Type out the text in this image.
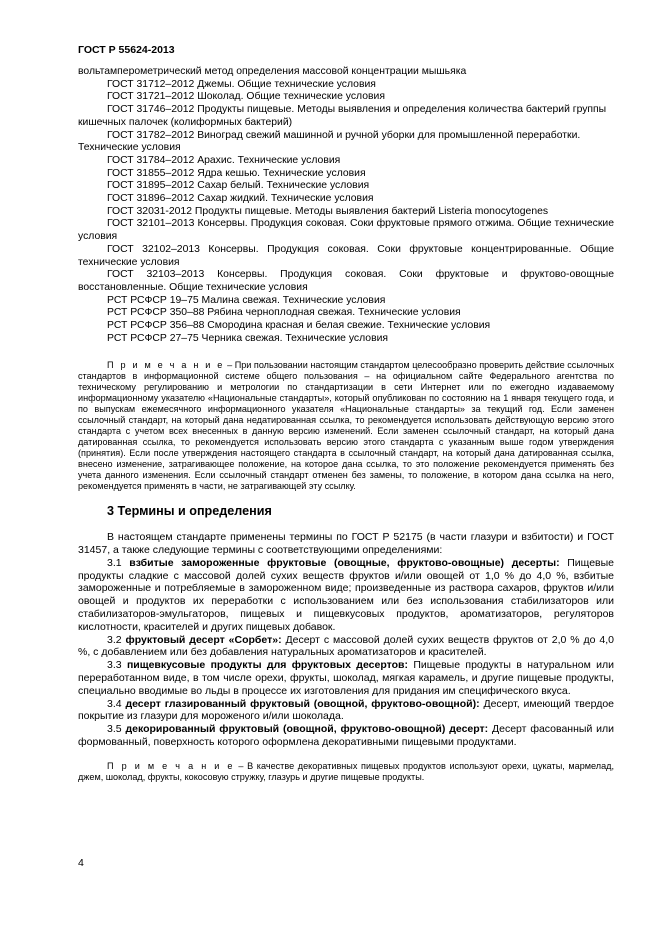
ГОСТ Р 55624-2013

вольтамперометрический метод определения массовой концентрации мышьяка

ГОСТ 31712–2012 Джемы. Общие технические условия

ГОСТ 31721–2012 Шоколад. Общие технические условия

ГОСТ 31746–2012 Продукты пищевые. Методы выявления и определения количества бактерий группы кишечных палочек (колиформных бактерий)

ГОСТ 31782–2012 Виноград свежий машинной и ручной уборки для промышленной переработки. Технические условия

ГОСТ 31784–2012 Арахис. Технические условия

ГОСТ 31855–2012 Ядра кешью. Технические условия

ГОСТ 31895–2012 Сахар белый. Технические условия

ГОСТ 31896–2012 Сахар жидкий. Технические условия

ГОСТ 32031-2012 Продукты пищевые. Методы выявления бактерий Listeria monocytogenes

ГОСТ 32101–2013 Консервы. Продукция соковая. Соки фруктовые прямого отжима. Общие технические условия

ГОСТ 32102–2013 Консервы. Продукция соковая. Соки фруктовые концентрированные. Общие технические условия

ГОСТ 32103–2013 Консервы. Продукция соковая. Соки фруктовые и фруктово-овощные восстановленные. Общие технические условия

РСТ РСФСР 19–75 Малина свежая. Технические условия

РСТ РСФСР 350–88 Рябина черноплодная свежая. Технические условия

РСТ РСФСР 356–88 Смородина красная и белая свежие. Технические условия

РСТ РСФСР 27–75 Черника свежая. Технические условия

П р и м е ч а н и е – При пользовании настоящим стандартом целесообразно проверить действие ссылочных стандартов в информационной системе общего пользования – на официальном сайте Федерального агентства по техническому регулированию и метрологии по стандартизации в сети Интернет или по ежегодно издаваемому информационному указателю «Национальные стандарты», который опубликован по состоянию на 1 января текущего года, и по выпускам ежемесячного информационного указателя «Национальные стандарты» за текущий год. Если заменен ссылочный стандарт, на который дана недатированная ссылка, то рекомендуется использовать действующую версию этого стандарта с учетом всех внесенных в данную версию изменений. Если заменен ссылочный стандарт, на который дана датированная ссылка, то рекомендуется использовать версию этого стандарта с указанным выше годом утверждения (принятия). Если после утверждения настоящего стандарта в ссылочный стандарт, на который дана датированная ссылка, внесено изменение, затрагивающее положение, на которое дана ссылка, то это положение рекомендуется применять без учета данного изменения. Если ссылочный стандарт отменен без замены, то положение, в котором дана ссылка на него, рекомендуется применять в части, не затрагивающей эту ссылку.

3 Термины и определения

В настоящем стандарте применены термины по ГОСТ Р 52175 (в части глазури и взбитости) и ГОСТ 31457, а также следующие термины с соответствующими определениями:

3.1 взбитые замороженные фруктовые (овощные, фруктово-овощные) десерты: Пищевые продукты сладкие с массовой долей сухих веществ фруктов и/или овощей от 1,0 % до 4,0 %, взбитые замороженные и потребляемые в замороженном виде; произведенные из раствора сахаров, фруктов и/или овощей и продуктов их переработки с использованием или без использования стабилизаторов или стабилизаторов-эмульгаторов, пищевых и пищевкусовых продуктов, ароматизаторов, регуляторов кислотности, красителей и других пищевых добавок.

3.2 фруктовый десерт «Сорбет»: Десерт с массовой долей сухих веществ фруктов от 2,0 % до 4,0 %, с добавлением или без добавления натуральных ароматизаторов и красителей.

3.3 пищевкусовые продукты для фруктовых десертов: Пищевые продукты в натуральном или переработанном виде, в том числе орехи, фрукты, шоколад, мягкая карамель, и другие пищевые продукты, специально вводимые во льды в процессе их изготовления для придания им специфического вкуса.

3.4 десерт глазированный фруктовый (овощной, фруктово-овощной): Десерт, имеющий твердое покрытие из глазури для мороженого и/или шоколада.

3.5 декорированный фруктовый (овощной, фруктово-овощной) десерт: Десерт фасованный или формованный, поверхность которого оформлена декоративными пищевыми продуктами.

П р и м е ч а н и е – В качестве декоративных пищевых продуктов используют орехи, цукаты, мармелад, джем, шоколад, фрукты, кокосовую стружку, глазурь и другие пищевые продукты.

4
